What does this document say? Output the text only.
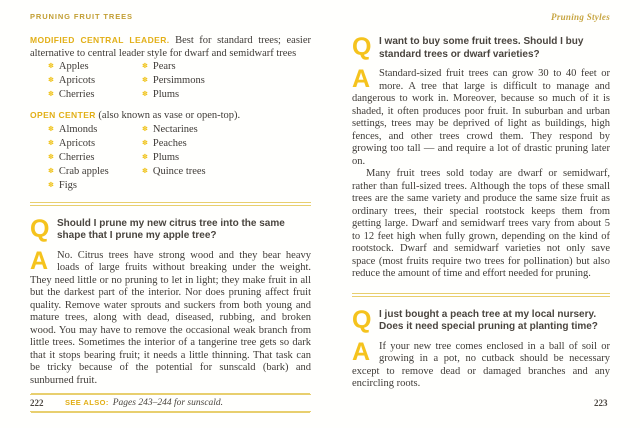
PRUNING FRUIT TREES

MODIFIED CENTRAL LEADER. Best for standard trees; easier alternative to central leader style for dwarf and semidwarf trees

✽ Apples
✽ Apricots
✽ Cherries
✽ Pears
✽ Persimmons
✽ Plums

OPEN CENTER (also known as vase or open-top).

✽ Almonds
✽ Apricots
✽ Cherries
✽ Crab apples
✽ Figs
✽ Nectarines
✽ Peaches
✽ Plums
✽ Quince trees
Q Should I prune my new citrus tree into the same shape that I prune my apple tree?
A No. Citrus trees have strong wood and they bear heavy loads of large fruits without breaking under the weight. They need little or no pruning to let in light; they make fruit in all but the darkest part of the interior. Nor does pruning affect fruit quality. Remove water sprouts and suckers from both young and mature trees, along with dead, diseased, rubbing, and broken wood. You may have to remove the occasional weak branch from little trees. Sometimes the interior of a tangerine tree gets so dark that it stops bearing fruit; it needs a little thinning. That task can be tricky because of the potential for sunscald (bark) and sunburned fruit.
SEE ALSO: Pages 243–244 for sunscald.
Pruning Styles
Q I want to buy some fruit trees. Should I buy standard trees or dwarf varieties?
A Standard-sized fruit trees can grow 30 to 40 feet or more. A tree that large is difficult to manage and dangerous to work in. Moreover, because so much of it is shaded, it often produces poor fruit. In suburban and urban settings, trees may be deprived of light as buildings, high fences, and other trees crowd them. They respond by growing too tall — and require a lot of drastic pruning later on.
Many fruit trees sold today are dwarf or semidwarf, rather than full-sized trees. Although the tops of these small trees are the same variety and produce the same size fruit as ordinary trees, their special rootstock keeps them from getting large. Dwarf and semidwarf trees vary from about 5 to 12 feet high when fully grown, depending on the kind of rootstock. Dwarf and semidwarf varieties not only save space (most fruits require two trees for pollination) but also reduce the amount of time and effort needed for pruning.
Q I just bought a peach tree at my local nursery. Does it need special pruning at planting time?
A If your new tree comes enclosed in a ball of soil or growing in a pot, no cutback should be necessary except to remove dead or damaged branches and any encircling roots.
222	223
